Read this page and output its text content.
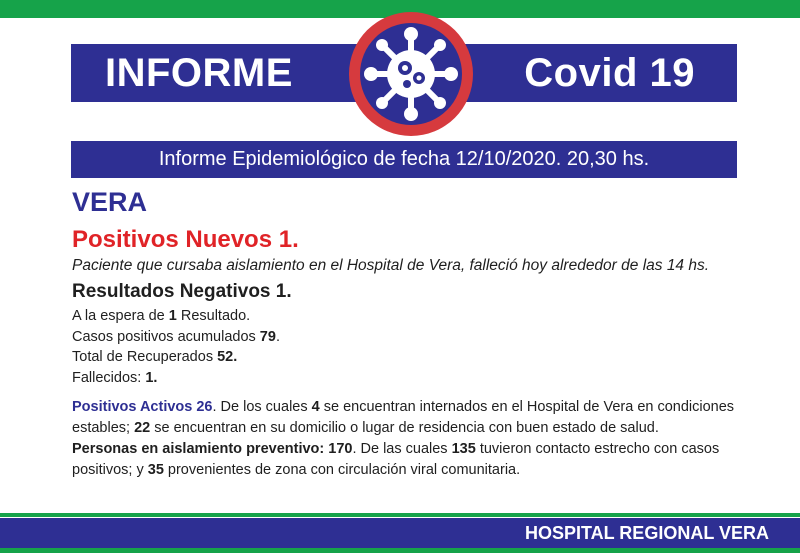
INFORME	Covid 19
Informe Epidemiológico de fecha 12/10/2020. 20,30 hs.
VERA
Positivos Nuevos 1.

Paciente que cursaba aislamiento en el Hospital de Vera, falleció hoy alrededor de las 14 hs.

Resultados Negativos 1.

A la espera de 1 Resultado.

Casos positivos acumulados 79.

Total de Recuperados 52.

Fallecidos: 1.

Positivos Activos 26. De los cuales 4 se encuentran internados en el Hospital de Vera en condiciones estables; 22 se encuentran en su domicilio o lugar de residencia con buen estado de salud.

Personas en aislamiento preventivo: 170. De las cuales 135 tuvieron contacto estrecho con casos positivos; y 35 provenientes de zona con circulación viral comunitaria.

HOSPITAL REGIONAL VERA
